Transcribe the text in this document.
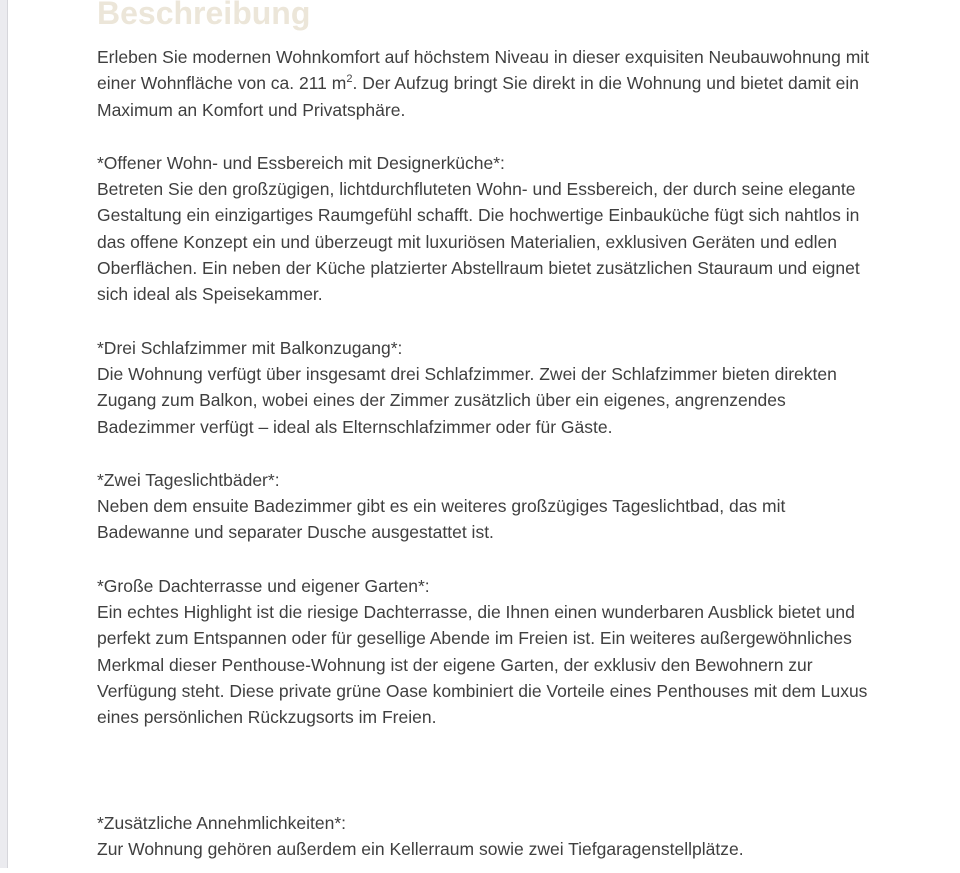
Beschreibung

Erleben Sie modernen Wohnkomfort auf höchstem Niveau in dieser exquisiten Neubauwohnung mit einer Wohnfläche von ca. 211 $m^2$. Der Aufzug bringt Sie direkt in die Wohnung und bietet damit ein Maximum an Komfort und Privatsphäre.

*Offener Wohn- und Essbereich mit Designerküche*:
Betreten Sie den großzügigen, lichtdurchfluteten Wohn- und Essbereich, der durch seine elegante Gestaltung ein einzigartiges Raumgefühl schafft. Die hochwertige Einbauküche fügt sich nahtlos in das offene Konzept ein und überzeugt mit luxuriösen Materialien, exklusiven Geräten und edlen Oberflächen. Ein neben der Küche platzierter Abstellraum bietet zusätzlichen Stauraum und eignet sich ideal als Speisekammer.
*Drei Schlafzimmer mit Balkonzugang*:
Die Wohnung verfügt über insgesamt drei Schlafzimmer. Zwei der Schlafzimmer bieten direkten Zugang zum Balkon, wobei eines der Zimmer zusätzlich über ein eigenes, angrenzendes Badezimmer verfügt – ideal als Elternschlafzimmer oder für Gäste.
*Zwei Tageslichtbäder*:
Neben dem ensuite Badezimmer gibt es ein weiteres großzügiges Tageslichtbad, das mit Badewanne und separater Dusche ausgestattet ist.
*Große Dachterrasse und eigener Garten*:
Ein echtes Highlight ist die riesige Dachterrasse, die Ihnen einen wunderbaren Ausblick bietet und perfekt zum Entspannen oder für gesellige Abende im Freien ist. Ein weiteres außergewöhnliches Merkmal dieser Penthouse-Wohnung ist der eigene Garten, der exklusiv den Bewohnern zur Verfügung steht. Diese private grüne Oase kombiniert die Vorteile eines Penthouses mit dem Luxus eines persönlichen Rückzugsorts im Freien.
*Zusätzliche Annehmlichkeiten*:
Zur Wohnung gehören außerdem ein Kellerraum sowie zwei Tiefgaragenstellplätze.
